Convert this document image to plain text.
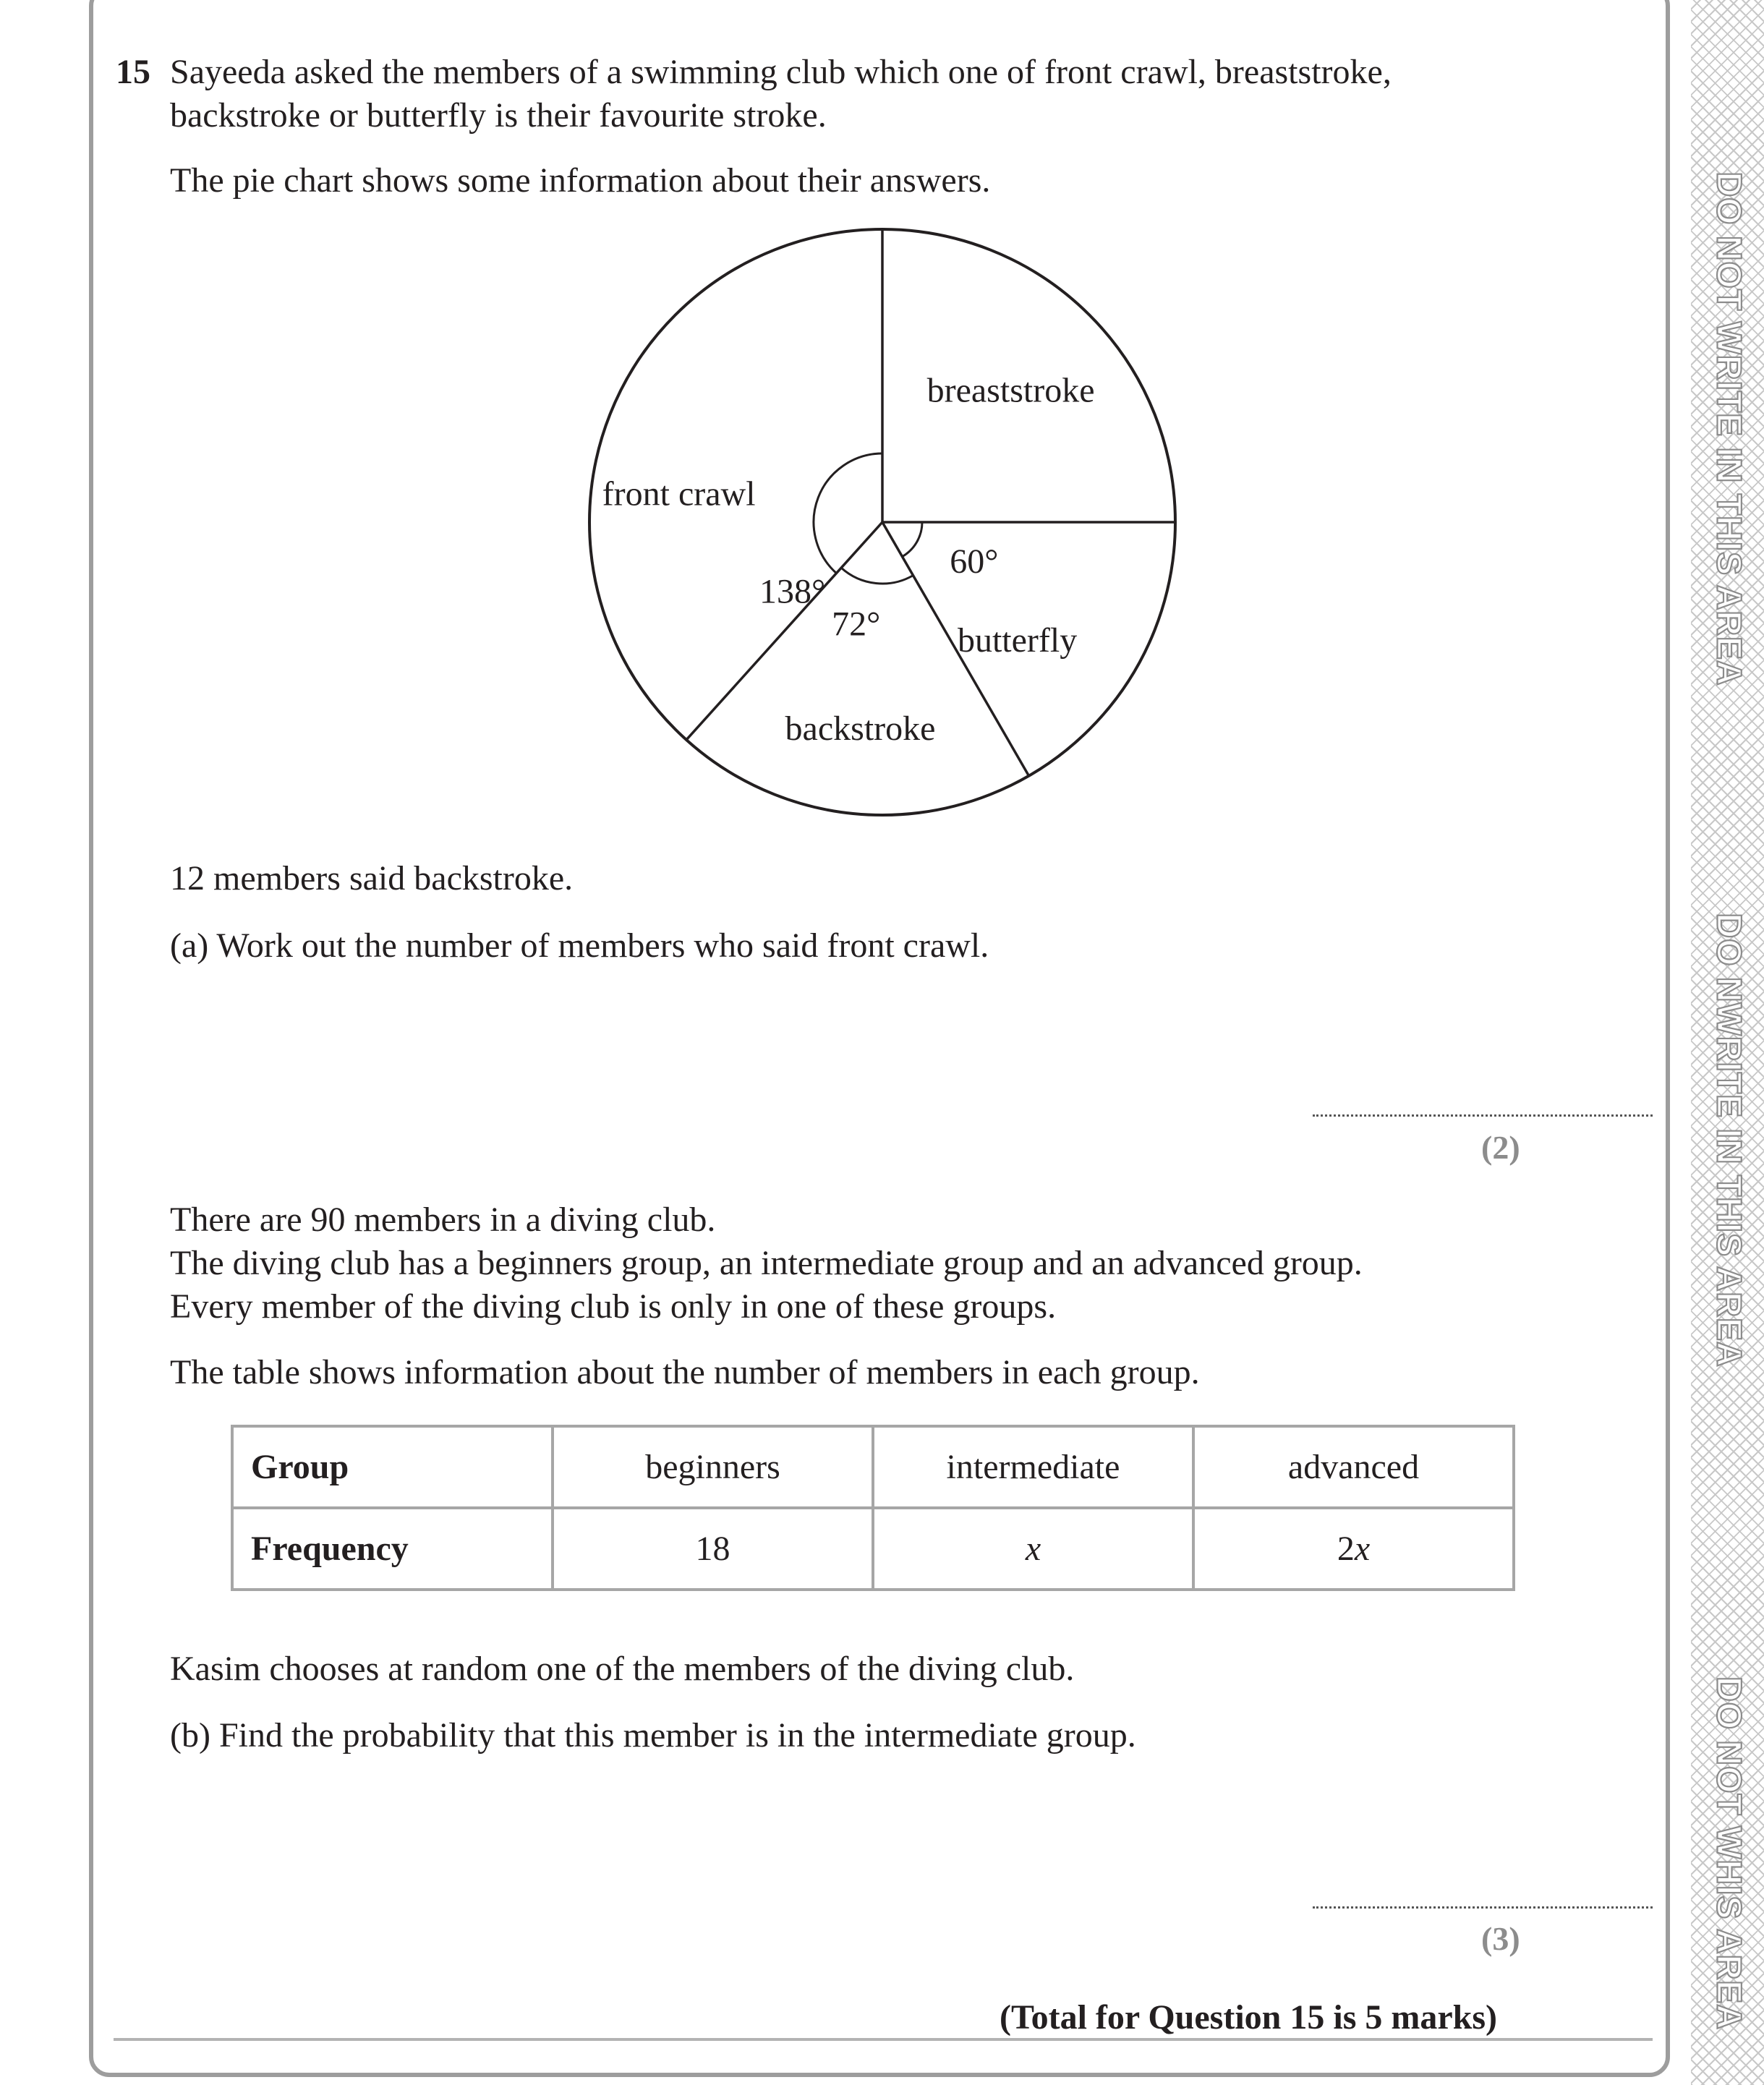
DO NOT WRITE IN THIS AREA
DO NWRITE IN THIS AREA
DO NOT WHIS AREA
15 Sayeeda asked the members of a swimming club which one of front crawl, breaststroke,
backstroke or butterfly is their favourite stroke.
The pie chart shows some information about their answers.
breaststroke
butterfly
60°
backstroke
72°
front crawl
138°
12 members said backstroke.
(a) Work out the number of members who said front crawl.
(2)
There are 90 members in a diving club.
The diving club has a beginners group, an intermediate group and an advanced group.
Every member of the diving club is only in one of these groups.
The table shows information about the number of members in each group.
Group	beginners	intermediate	advanced
Frequency	18	x	2x
Kasim chooses at random one of the members of the diving club.
(b) Find the probability that this member is in the intermediate group.
(3)
(Total for Question 15 is 5 marks)
